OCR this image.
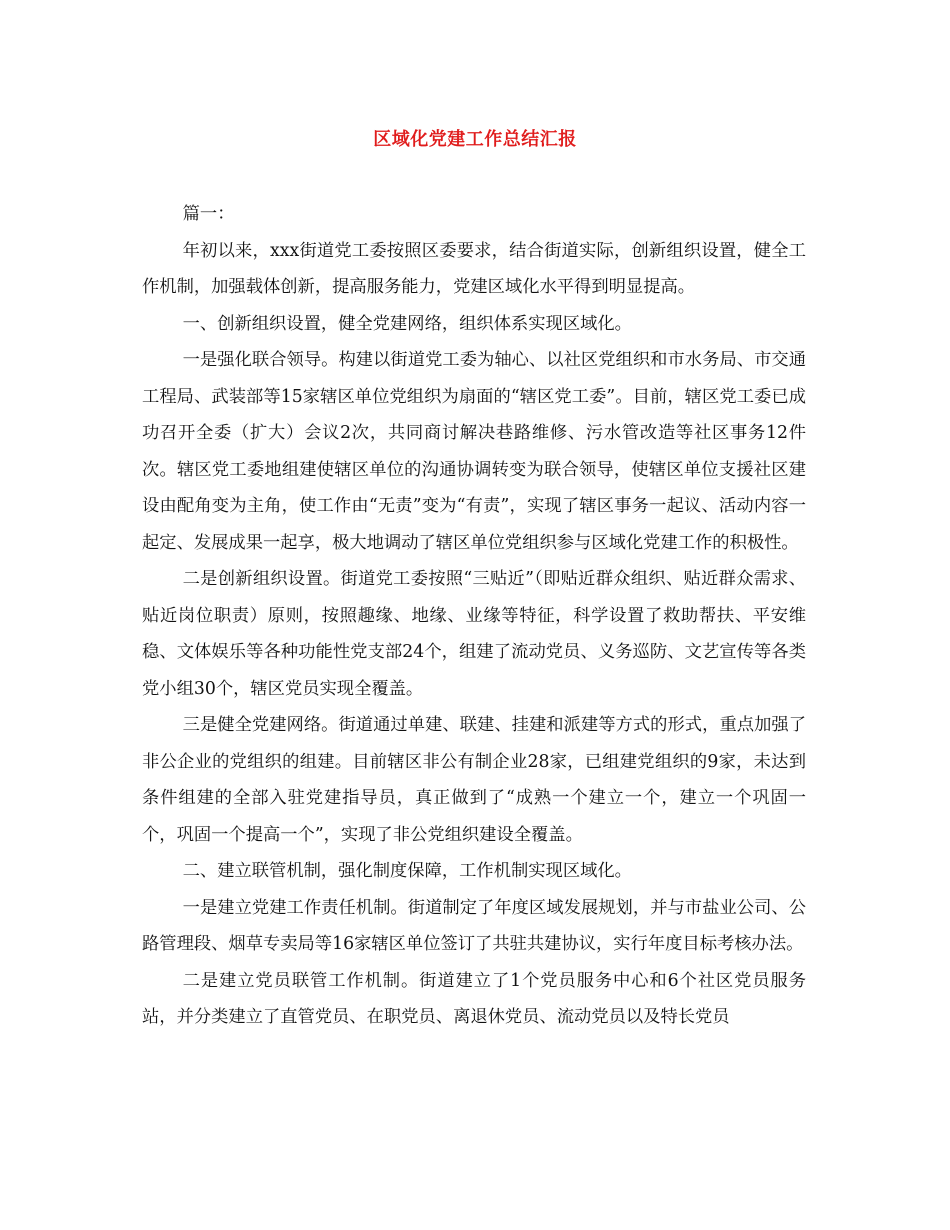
区域化党建工作总结汇报

篇一：

年初以来，xxx街道党工委按照区委要求，结合街道实际，创新组织设置，健全工作机制，加强载体创新，提高服务能力，党建区域化水平得到明显提高。

一、创新组织设置，健全党建网络，组织体系实现区域化。

一是强化联合领导。构建以街道党工委为轴心、以社区党组织和市水务局、市交通工程局、武装部等15家辖区单位党组织为扇面的“辖区党工委”。目前，辖区党工委已成功召开全委（扩大）会议2次，共同商讨解决巷路维修、污水管改造等社区事务12件次。辖区党工委地组建使辖区单位的沟通协调转变为联合领导，使辖区单位支援社区建设由配角变为主角，使工作由“无责”变为“有责”，实现了辖区事务一起议、活动内容一起定、发展成果一起享，极大地调动了辖区单位党组织参与区域化党建工作的积极性。

二是创新组织设置。街道党工委按照“三贴近”（即贴近群众组织、贴近群众需求、贴近岗位职责）原则，按照趣缘、地缘、业缘等特征，科学设置了救助帮扶、平安维稳、文体娱乐等各种功能性党支部24个，组建了流动党员、义务巡防、文艺宣传等各类党小组30个，辖区党员实现全覆盖。

三是健全党建网络。街道通过单建、联建、挂建和派建等方式的形式，重点加强了非公企业的党组织的组建。目前辖区非公有制企业28家，已组建党组织的9家，未达到条件组建的全部入驻党建指导员，真正做到了“成熟一个建立一个，建立一个巩固一个，巩固一个提高一个”，实现了非公党组织建设全覆盖。

二、建立联管机制，强化制度保障，工作机制实现区域化。

一是建立党建工作责任机制。街道制定了年度区域发展规划，并与市盐业公司、公路管理段、烟草专卖局等16家辖区单位签订了共驻共建协议，实行年度目标考核办法。

二是建立党员联管工作机制。街道建立了1个党员服务中心和6个社区党员服务站，并分类建立了直管党员、在职党员、离退休党员、流动党员以及特长党员
